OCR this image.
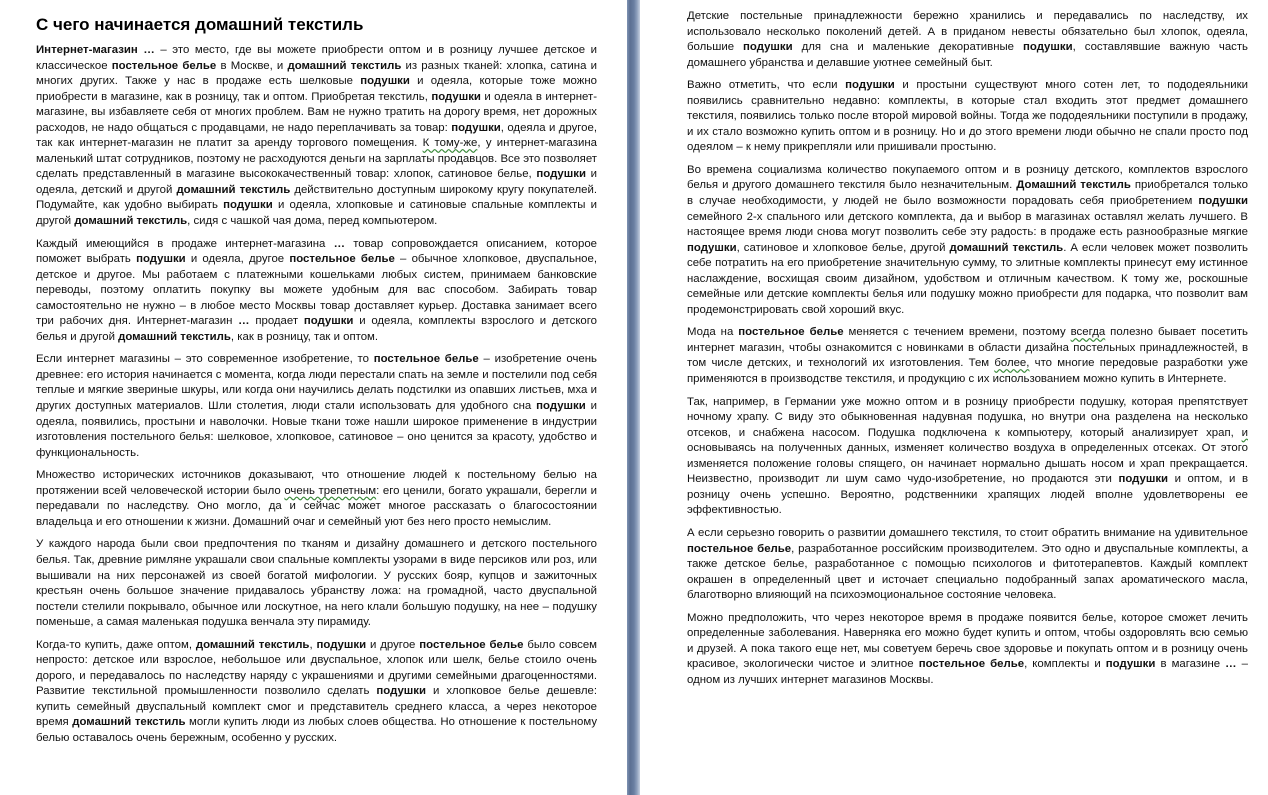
С чего начинается домашний текстиль

Интернет-магазин … – это место, где вы можете приобрести оптом и в розницу лучшее детское и классическое постельное белье в Москве, и домашний текстиль из разных тканей: хлопка, сатина и многих других. Также у нас в продаже есть шелковые подушки и одеяла, которые тоже можно приобрести в магазине, как в розницу, так и оптом. Приобретая текстиль, подушки и одеяла в интернет-магазине, вы избавляете себя от многих проблем. Вам не нужно тратить на дорогу время, нет дорожных расходов, не надо общаться с продавцами, не надо переплачивать за товар: подушки, одеяла и другое, так как интернет-магазин не платит за аренду торгового помещения. К тому-же, у интернет-магазина маленький штат сотрудников, поэтому не расходуются деньги на зарплаты продавцов. Все это позволяет сделать представленный в магазине высококачественный товар: хлопок, сатиновое белье, подушки и одеяла, детский и другой домашний текстиль действительно доступным широкому кругу покупателей. Подумайте, как удобно выбирать подушки и одеяла, хлопковые и сатиновые спальные комплекты и другой домашний текстиль, сидя с чашкой чая дома, перед компьютером.

Каждый имеющийся в продаже интернет-магазина … товар сопровождается описанием, которое поможет выбрать подушки и одеяла, другое постельное белье – обычное хлопковое, двуспальное, детское и другое. Мы работаем с платежными кошельками любых систем, принимаем банковские переводы, поэтому оплатить покупку вы можете удобным для вас способом. Забирать товар самостоятельно не нужно – в любое место Москвы товар доставляет курьер. Доставка занимает всего три рабочих дня. Интернет-магазин … продает подушки и одеяла, комплекты взрослого и детского белья и другой домашний текстиль, как в розницу, так и оптом.

Если интернет магазины – это современное изобретение, то постельное белье – изобретение очень древнее: его история начинается с момента, когда люди перестали спать на земле и постелили под себя теплые и мягкие звериные шкуры, или когда они научились делать подстилки из опавших листьев, мха и других доступных материалов. Шли столетия, люди стали использовать для удобного сна подушки и одеяла, появились, простыни и наволочки. Новые ткани тоже нашли широкое применение в индустрии изготовления постельного белья: шелковое, хлопковое, сатиновое – оно ценится за красоту, удобство и функциональность.

Множество исторических источников доказывают, что отношение людей к постельному белью на протяжении всей человеческой истории было очень трепетным: его ценили, богато украшали, берегли и передавали по наследству. Оно могло, да и сейчас может многое рассказать о благосостоянии владельца и его отношении к жизни. Домашний очаг и семейный уют без него просто немыслим.

У каждого народа были свои предпочтения по тканям и дизайну домашнего и детского постельного белья. Так, древние римляне украшали свои спальные комплекты узорами в виде персиков или роз, или вышивали на них персонажей из своей богатой мифологии. У русских бояр, купцов и зажиточных крестьян очень большое значение придавалось убранству ложа: на громадной, часто двуспальной постели стелили покрывало, обычное или лоскутное, на него клали большую подушку, на нее – подушку поменьше, а самая маленькая подушка венчала эту пирамиду.

Когда-то купить, даже оптом, домашний текстиль, подушки и другое постельное белье было совсем непросто: детское или взрослое, небольшое или двуспальное, хлопок или шелк, белье стоило очень дорого, и передавалось по наследству наряду с украшениями и другими семейными драгоценностями. Развитие текстильной промышленности позволило сделать подушки и хлопковое белье дешевле: купить семейный двуспальный комплект смог и представитель среднего класса, а через некоторое время домашний текстиль могли купить люди из любых слоев общества. Но отношение к постельному белью оставалось очень бережным, особенно у русских.

Детские постельные принадлежности бережно хранились и передавались по наследству, их использовало несколько поколений детей. А в приданом невесты обязательно был хлопок, одеяла, большие подушки для сна и маленькие декоративные подушки, составлявшие важную часть домашнего убранства и делавшие уютнее семейный быт.

Важно отметить, что если подушки и простыни существуют много сотен лет, то пододеяльники появились сравнительно недавно: комплекты, в которые стал входить этот предмет домашнего текстиля, появились только после второй мировой войны. Тогда же пододеяльники поступили в продажу, и их стало возможно купить оптом и в розницу. Но и до этого времени люди обычно не спали просто под одеялом – к нему прикрепляли или пришивали простыню.

Во времена социализма количество покупаемого оптом и в розницу детского, комплектов взрослого белья и другого домашнего текстиля было незначительным. Домашний текстиль приобретался только в случае необходимости, у людей не было возможности порадовать себя приобретением подушки семейного 2-х спального или детского комплекта, да и выбор в магазинах оставлял желать лучшего. В настоящее время люди снова могут позволить себе эту радость: в продаже есть разнообразные мягкие подушки, сатиновое и хлопковое белье, другой домашний текстиль. А если человек может позволить себе потратить на его приобретение значительную сумму, то элитные комплекты принесут ему истинное наслаждение, восхищая своим дизайном, удобством и отличным качеством. К тому же, роскошные семейные или детские комплекты белья или подушку можно приобрести для подарка, что позволит вам продемонстрировать свой хороший вкус.

Мода на постельное белье меняется с течением времени, поэтому всегда полезно бывает посетить интернет магазин, чтобы ознакомится с новинками в области дизайна постельных принадлежностей, в том числе детских, и технологий их изготовления. Тем более, что многие передовые разработки уже применяются в производстве текстиля, и продукцию с их использованием можно купить в Интернете.

Так, например, в Германии уже можно оптом и в розницу приобрести подушку, которая препятствует ночному храпу. С виду это обыкновенная надувная подушка, но внутри она разделена на несколько отсеков, и снабжена насосом. Подушка подключена к компьютеру, который анализирует храп, и основываясь на полученных данных, изменяет количество воздуха в определенных отсеках. От этого изменяется положение головы спящего, он начинает нормально дышать носом и храп прекращается. Неизвестно, производит ли шум само чудо-изобретение, но продаются эти подушки и оптом, и в розницу очень успешно. Вероятно, родственники храпящих людей вполне удовлетворены ее эффективностью.

А если серьезно говорить о развитии домашнего текстиля, то стоит обратить внимание на удивительное постельное белье, разработанное российским производителем. Это одно и двуспальные комплекты, а также детское белье, разработанное с помощью психологов и фитотерапевтов. Каждый комплект окрашен в определенный цвет и источает специально подобранный запах ароматического масла, благотворно влияющий на психоэмоциональное состояние человека.

Можно предположить, что через некоторое время в продаже появится белье, которое сможет лечить определенные заболевания. Наверняка его можно будет купить и оптом, чтобы оздоровлять всю семью и друзей. А пока такого еще нет, мы советуем беречь свое здоровье и покупать оптом и в розницу очень красивое, экологически чистое и элитное постельное белье, комплекты и подушки в магазине … – одном из лучших интернет магазинов Москвы.
